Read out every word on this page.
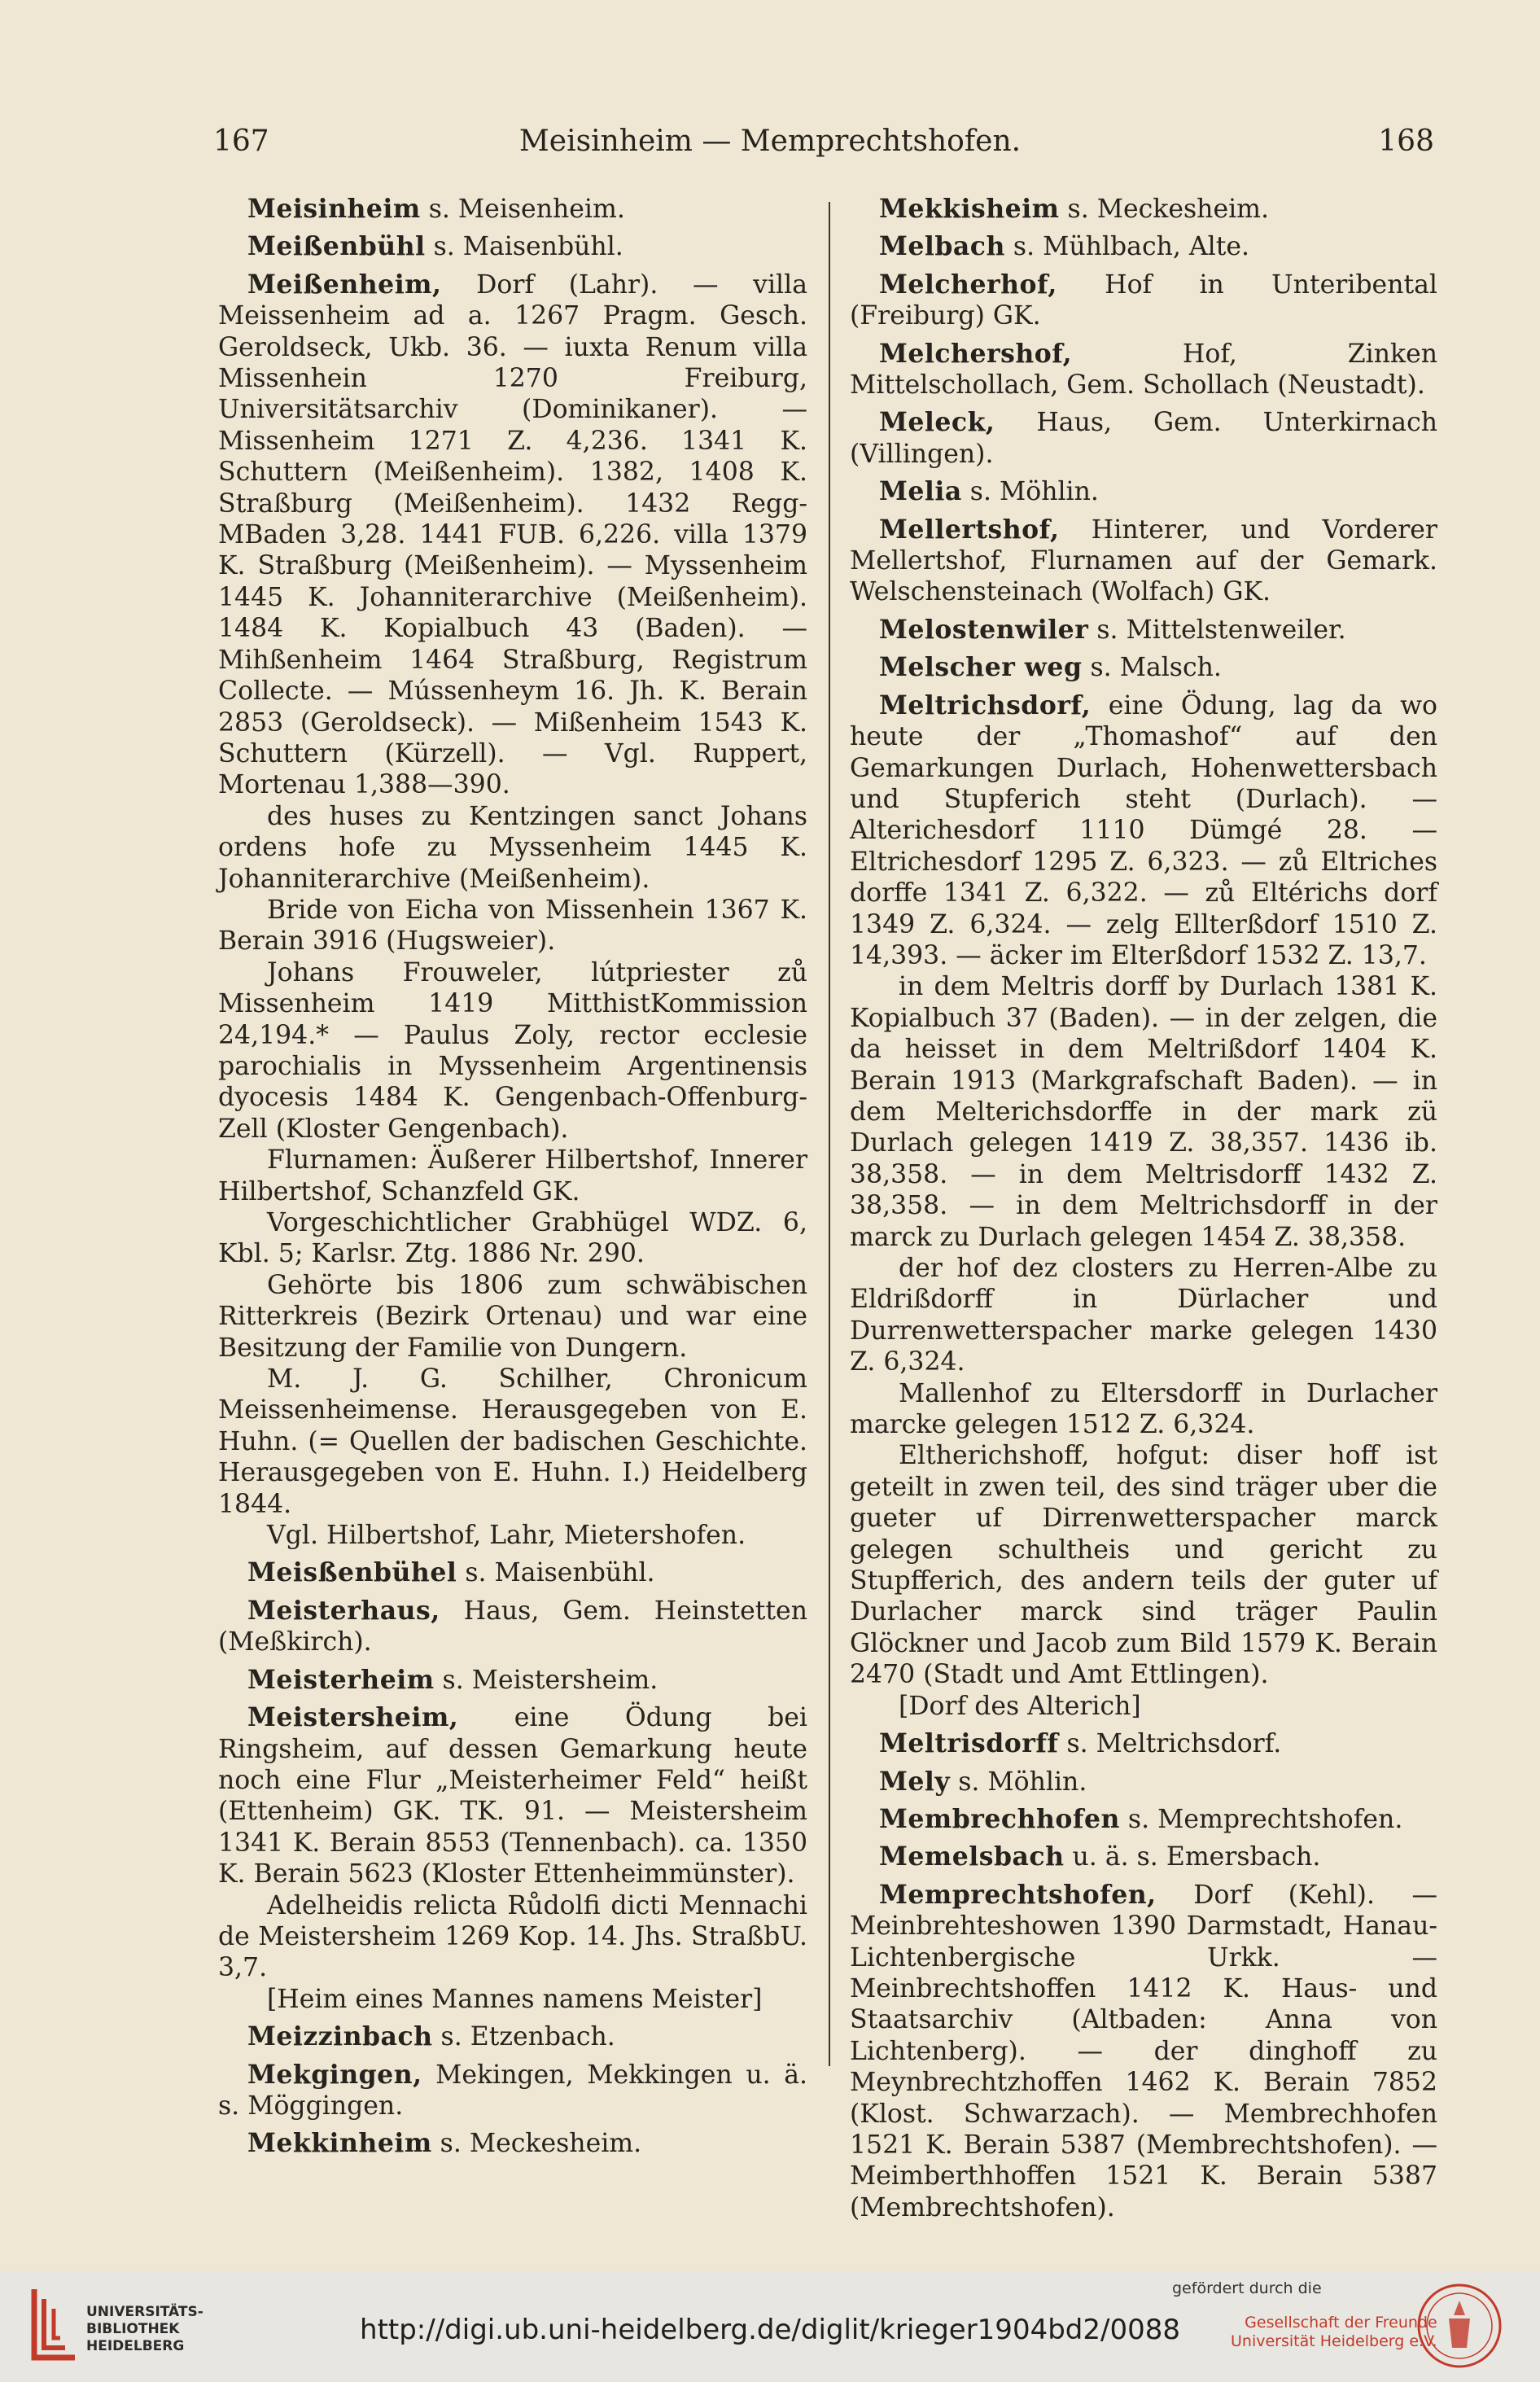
167	Meisinheim — Memprechtshofen.	168

Meisinheim s. Meisenheim.

Meißenbühl s. Maisenbühl.

Meißenheim, Dorf (Lahr). — villa Meissenheim ad a. 1267 Pragm. Gesch. Geroldseck, Ukb. 36. — iuxta Renum villa Missenhein 1270 Freiburg, Universitätsarchiv (Dominikaner). — Missenheim 1271 Z. 4,236. 1341 K. Schuttern (Meißenheim). 1382, 1408 K. Straßburg (Meißenheim). 1432 Regg-MBaden 3,28. 1441 FUB. 6,226. villa 1379 K. Straßburg (Meißenheim). — Myssenheim 1445 K. Johanniterarchive (Meißenheim). 1484 K. Kopialbuch 43 (Baden). — Mihßenheim 1464 Straßburg, Registrum Collecte. — Mússenheym 16. Jh. K. Berain 2853 (Geroldseck). — Mißenheim 1543 K. Schuttern (Kürzell). — Vgl. Ruppert, Mortenau 1,388—390.

des huses zu Kentzingen sanct Johans ordens hofe zu Myssenheim 1445 K. Johanniterarchive (Meißenheim).

Bride von Eicha von Missenhein 1367 K. Berain 3916 (Hugsweier).

Johans Frouweler, lútpriester zů Missenheim 1419 MitthistKommission 24,194.* — Paulus Zoly, rector ecclesie parochialis in Myssenheim Argentinensis dyocesis 1484 K. Gengenbach-Offenburg-Zell (Kloster Gengenbach).

Flurnamen: Äußerer Hilbertshof, Innerer Hilbertshof, Schanzfeld GK.

Vorgeschichtlicher Grabhügel WDZ. 6, Kbl. 5; Karlsr. Ztg. 1886 Nr. 290.

Gehörte bis 1806 zum schwäbischen Ritterkreis (Bezirk Ortenau) und war eine Besitzung der Familie von Dungern.

M. J. G. Schilher, Chronicum Meissenheimense. Herausgegeben von E. Huhn. (= Quellen der badischen Geschichte. Herausgegeben von E. Huhn. I.) Heidelberg 1844.

Vgl. Hilbertshof, Lahr, Mietershofen.

Meisßenbühel s. Maisenbühl.

Meisterhaus, Haus, Gem. Heinstetten (Meßkirch).

Meisterheim s. Meistersheim.

Meistersheim, eine Ödung bei Ringsheim, auf dessen Gemarkung heute noch eine Flur „Meisterheimer Feld“ heißt (Ettenheim) GK. TK. 91. — Meistersheim 1341 K. Berain 8553 (Tennenbach). ca. 1350 K. Berain 5623 (Kloster Ettenheimmünster).

Adelheidis relicta Růdolfi dicti Mennachi de Meistersheim 1269 Kop. 14. Jhs. StraßbU. 3,7.

[Heim eines Mannes namens Meister]

Meizzinbach s. Etzenbach.

Mekgingen, Mekingen, Mekkingen u. ä. s. Möggingen.

Mekkinheim s. Meckesheim.

Mekkisheim s. Meckesheim.

Melbach s. Mühlbach, Alte.

Melcherhof, Hof in Unteribental (Freiburg) GK.

Melchershof, Hof, Zinken Mittelschollach, Gem. Schollach (Neustadt).

Meleck, Haus, Gem. Unterkirnach (Villingen).

Melia s. Möhlin.

Mellertshof, Hinterer, und Vorderer Mellertshof, Flurnamen auf der Gemark. Welschensteinach (Wolfach) GK.

Melostenwiler s. Mittelstenweiler.

Melscher weg s. Malsch.

Meltrichsdorf, eine Ödung, lag da wo heute der „Thomashof“ auf den Gemarkungen Durlach, Hohenwettersbach und Stupferich steht (Durlach). — Alterichesdorf 1110 Dümgé 28. — Eltrichesdorf 1295 Z. 6,323. — zů Eltriches dorffe 1341 Z. 6,322. — zů Eltérichs dorf 1349 Z. 6,324. — zelg Ellterßdorf 1510 Z. 14,393. — äcker im Elterßdorf 1532 Z. 13,7.

in dem Meltris dorff by Durlach 1381 K. Kopialbuch 37 (Baden). — in der zelgen, die da heisset in dem Meltrißdorf 1404 K. Berain 1913 (Markgrafschaft Baden). — in dem Melterichsdorffe in der mark zü Durlach gelegen 1419 Z. 38,357. 1436 ib. 38,358. — in dem Meltrisdorff 1432 Z. 38,358. — in dem Meltrichsdorff in der marck zu Durlach gelegen 1454 Z. 38,358.

der hof dez closters zu Herren-Albe zu Eldrißdorff in Dürlacher und Durrenwetterspacher marke gelegen 1430 Z. 6,324.

Mallenhof zu Eltersdorff in Durlacher marcke gelegen 1512 Z. 6,324.

Eltherichshoff, hofgut: diser hoff ist geteilt in zwen teil, des sind träger uber die gueter uf Dirrenwetterspacher marck gelegen schultheis und gericht zu Stupfferich, des andern teils der guter uf Durlacher marck sind träger Paulin Glöckner und Jacob zum Bild 1579 K. Berain 2470 (Stadt und Amt Ettlingen).

[Dorf des Alterich]

Meltrisdorff s. Meltrichsdorf.

Mely s. Möhlin.

Membrechhofen s. Memprechtshofen.

Memelsbach u. ä. s. Emersbach.

Memprechtshofen, Dorf (Kehl). — Meinbrehteshowen 1390 Darmstadt, Hanau-Lichtenbergische Urkk. — Meinbrechtshoffen 1412 K. Haus- und Staatsarchiv (Altbaden: Anna von Lichtenberg). — der dinghoff zu Meynbrechtzhoffen 1462 K. Berain 7852 (Klost. Schwarzach). — Membrechhofen 1521 K. Berain 5387 (Membrechtshofen). — Meimberthhoffen 1521 K. Berain 5387 (Membrechtshofen).

UNIVERSITÄTS-
BIBLIOTHEK
HEIDELBERG	http://digi.ub.uni-heidelberg.de/diglit/krieger1904bd2/0088
gefördert durch die
Gesellschaft der Freunde
Universität Heidelberg e.V.
